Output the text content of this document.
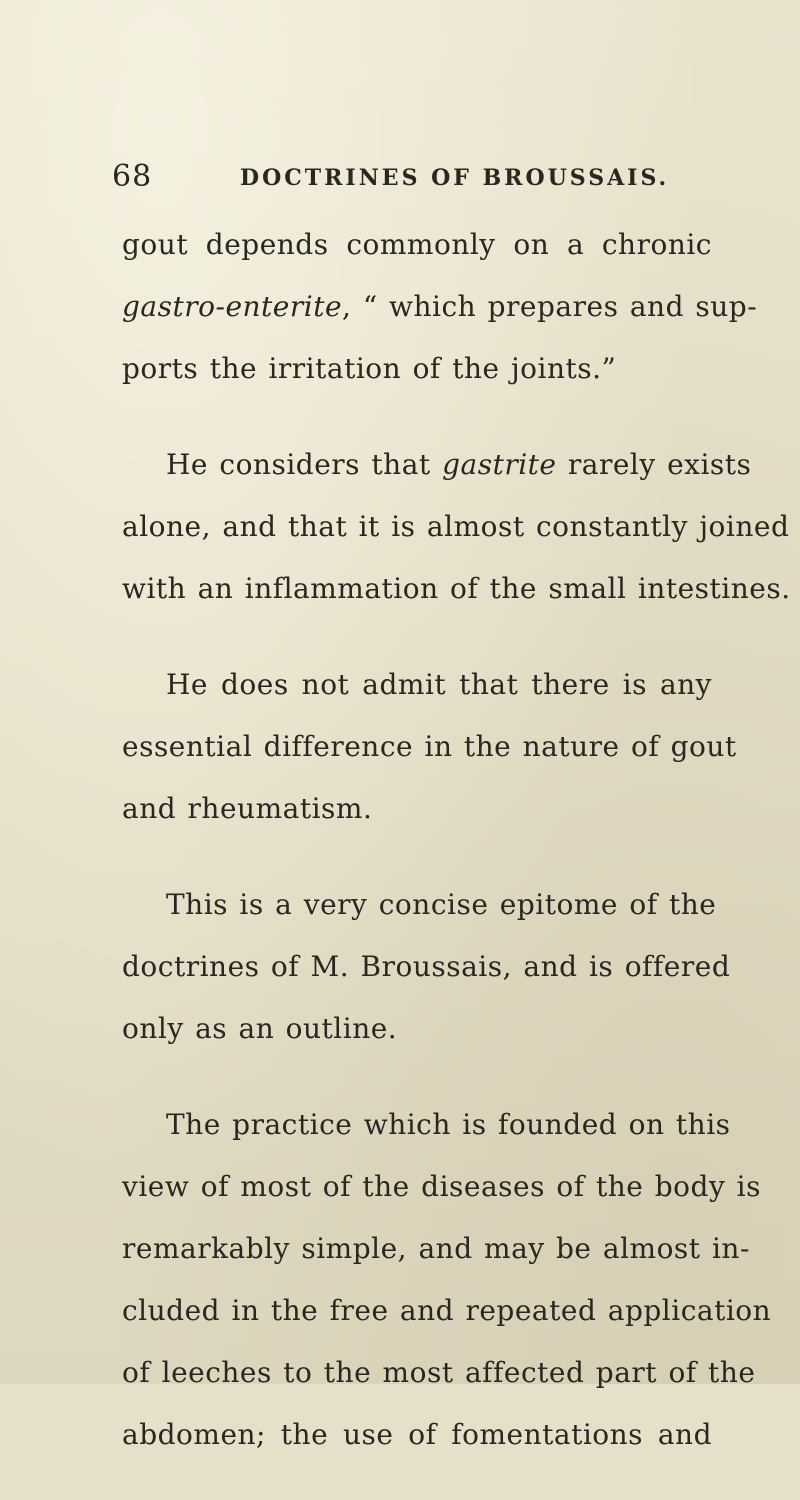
68	DOCTRINES OF BROUSSAIS.

gout depends commonly on a chronic
gastro-enterite, “ which prepares and sup-
ports the irritation of the joints.”

He considers that gastrite rarely exists
alone, and that it is almost constantly joined
with an inflammation of the small intestines.

He does not admit that there is any
essential difference in the nature of gout
and rheumatism.

This is a very concise epitome of the
doctrines of M. Broussais, and is offered
only as an outline.

The practice which is founded on this
view of most of the diseases of the body is
remarkably simple, and may be almost in-
cluded in the free and repeated application
of leeches to the most affected part of the
abdomen; the use of fomentations and
